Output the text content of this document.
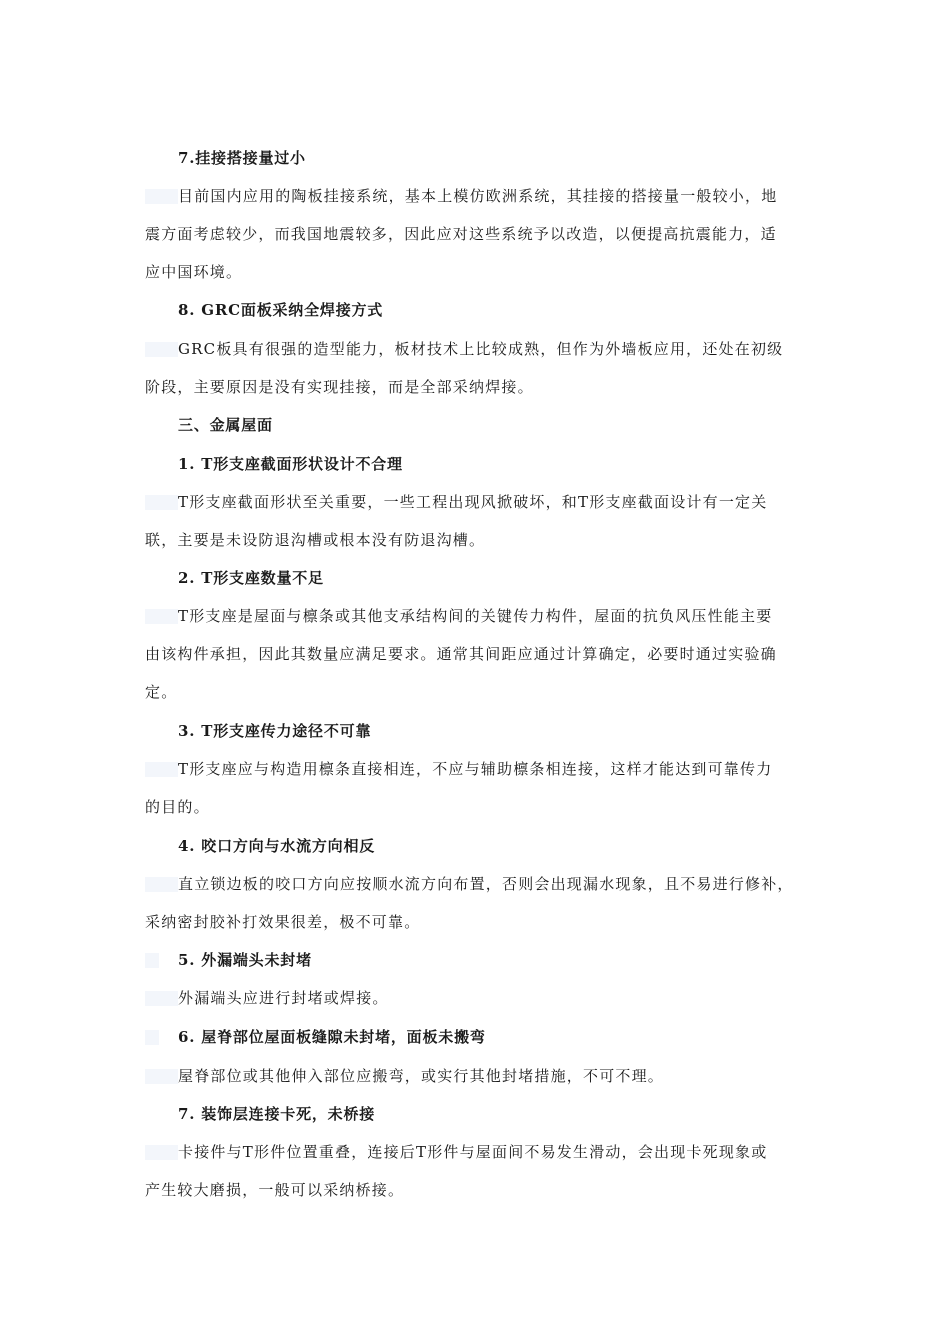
7.挂接搭接量过小
目前国内应用的陶板挂接系统，基本上模仿欧洲系统，其挂接的搭接量一般较小，地
震方面考虑较少，而我国地震较多，因此应对这些系统予以改造，以便提高抗震能力，适
应中国环境。
8. GRC面板采纳全焊接方式
GRC板具有很强的造型能力，板材技术上比较成熟，但作为外墙板应用，还处在初级
阶段，主要原因是没有实现挂接，而是全部采纳焊接。
三、金属屋面
1. T形支座截面形状设计不合理
T形支座截面形状至关重要，一些工程出现风掀破坏，和T形支座截面设计有一定关
联，主要是未设防退沟槽或根本没有防退沟槽。
2. T形支座数量不足
T形支座是屋面与檩条或其他支承结构间的关键传力构件，屋面的抗负风压性能主要
由该构件承担，因此其数量应满足要求。通常其间距应通过计算确定，必要时通过实验确
定。
3. T形支座传力途径不可靠
T形支座应与构造用檩条直接相连，不应与辅助檩条相连接，这样才能达到可靠传力
的目的。
4. 咬口方向与水流方向相反
直立锁边板的咬口方向应按顺水流方向布置，否则会出现漏水现象，且不易进行修补，
采纳密封胶补打效果很差，极不可靠。
5. 外漏端头未封堵
外漏端头应进行封堵或焊接。
6. 屋脊部位屋面板缝隙未封堵，面板未搬弯
屋脊部位或其他伸入部位应搬弯，或实行其他封堵措施，不可不理。
7. 装饰层连接卡死，未桥接
卡接件与T形件位置重叠，连接后T形件与屋面间不易发生滑动，会出现卡死现象或
产生较大磨损，一般可以采纳桥接。
